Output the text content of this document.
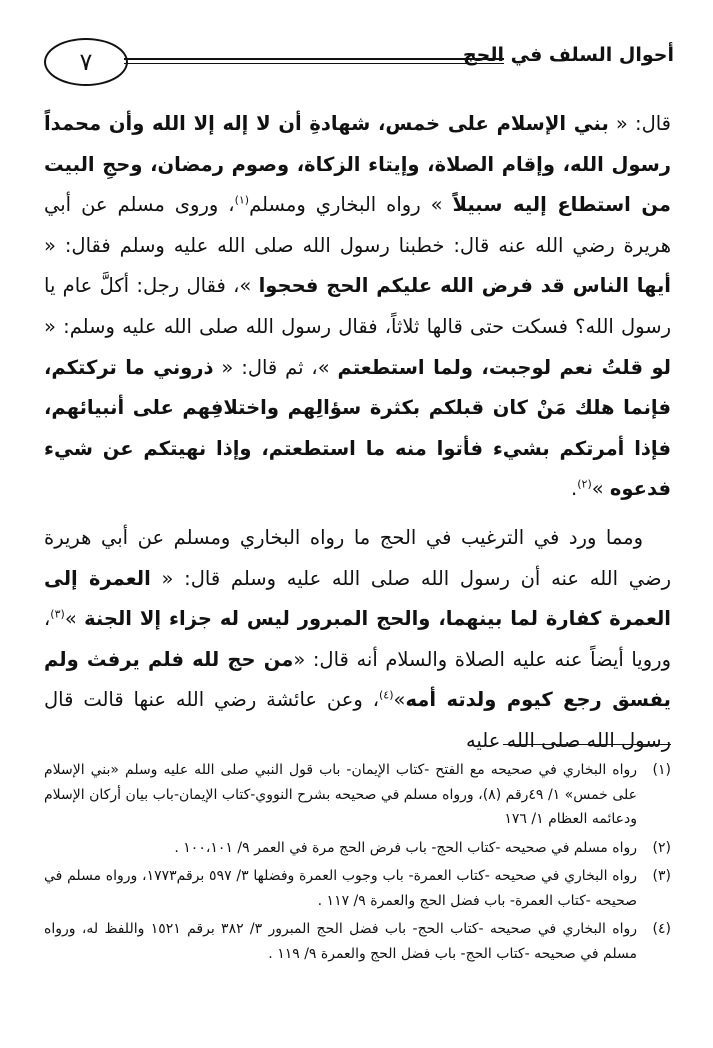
٧	أحوال السلف في الحج

قال: « بني الإسلام على خمس، شهادةِ أن لا إله إلا الله وأن محمداً رسول الله، وإقام الصلاة، وإيتاء الزكاة، وصوم رمضان، وحجِ البيت من استطاع إليه سبيلاً » رواه البخاري ومسلم$^{(١)}$، وروى مسلم عن أبي هريرة رضي الله عنه قال: خطبنا رسول الله صلى الله عليه وسلم فقال: « أيها الناس قد فرض الله عليكم الحج فحجوا »، فقال رجل: أكلَّ عام يا رسول الله؟ فسكت حتى قالها ثلاثاً، فقال رسول الله صلى الله عليه وسلم: « لو قلتُ نعم لوجبت، ولما استطعتم »، ثم قال: « ذروني ما تركتكم، فإنما هلك مَنْ كان قبلكم بكثرة سؤالِهم واختلافِهم على أنبيائهم، فإذا أمرتكم بشيء فأتوا منه ما استطعتم، وإذا نهيتكم عن شيء فدعوه »$^{(٢)}$.

ومما ورد في الترغيب في الحج ما رواه البخاري ومسلم عن أبي هريرة رضي الله عنه أن رسول الله صلى الله عليه وسلم قال: « العمرة إلى العمرة كفارة لما بينهما، والحج المبرور ليس له جزاء إلا الجنة »$^{(٣)}$، ورويا أيضاً عنه عليه الصلاة والسلام أنه قال: «من حج لله فلم يرفث ولم يفسق رجع كيوم ولدته أمه»$^{(٤)}$، وعن عائشة رضي الله عنها قالت قال رسول الله صلى الله عليه

(١)
رواه البخاري في صحيحه مع الفتح -كتاب الإيمان- باب قول النبي صلى الله عليه وسلم «بني الإسلام على خمس» ١/ ٤٩رقم (٨)، ورواه مسلم في صحيحه بشرح النووي-كتاب الإيمان-باب بيان أركان الإسلام ودعائمه العظام ١/ ١٧٦
(٢)
رواه مسلم في صحيحه -كتاب الحج- باب فرض الحج مرة في العمر ٩/ ١٠٠،١٠١ .
(٣)
رواه البخاري في صحيحه -كتاب العمرة- باب وجوب العمرة وفضلها ٣/ ٥٩٧ برقم١٧٧٣، ورواه مسلم في صحيحه -كتاب العمرة- باب فضل الحج والعمرة ٩/ ١١٧ .
(٤)
رواه البخاري في صحيحه -كتاب الحج- باب فضل الحج المبرور ٣/ ٣٨٢ برقم ١٥٢١ واللفظ له، ورواه مسلم في صحيحه -كتاب الحج- باب فضل الحج والعمرة ٩/ ١١٩ .
